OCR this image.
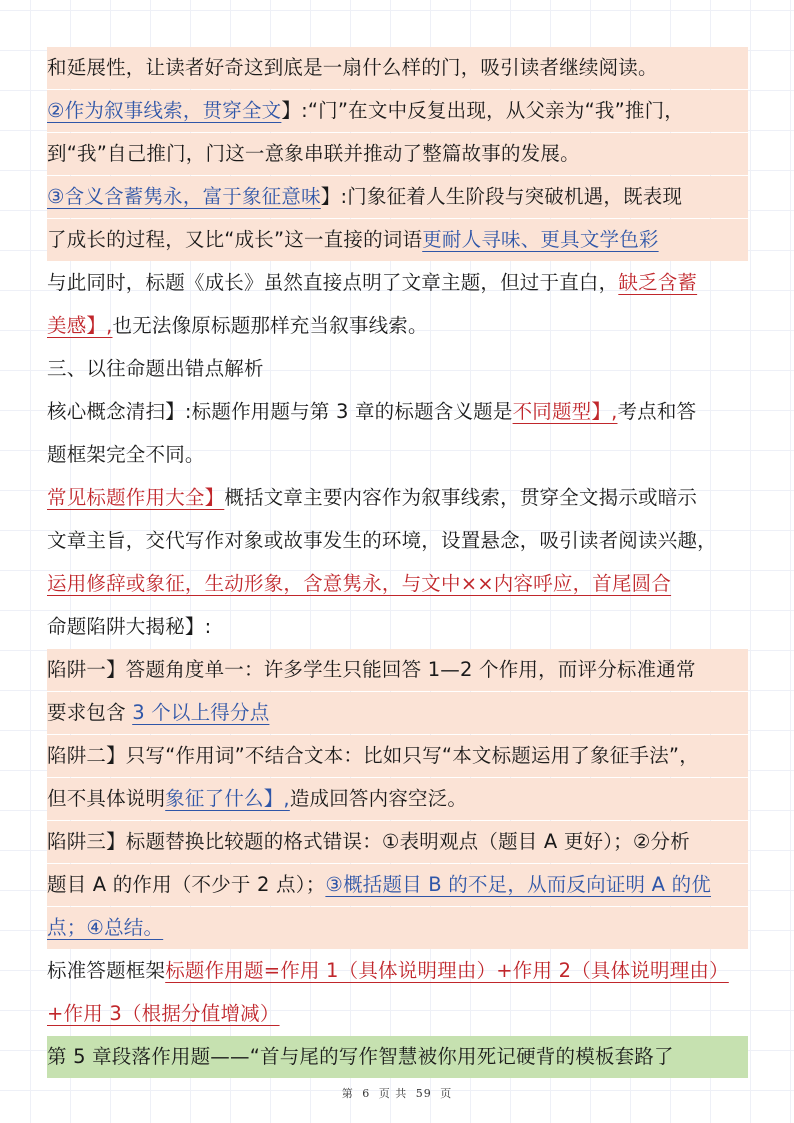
和延展性，让读者好奇这到底是一扇什么样的门，吸引读者继续阅读。
②作为叙事线索，贯穿全文】:“门”在文中反复出现，从父亲为“我”推门，
到“我”自己推门，门这一意象串联并推动了整篇故事的发展。
③含义含蓄隽永，富于象征意味】:门象征着人生阶段与突破机遇，既表现
了成长的过程，又比“成长”这一直接的词语更耐人寻味、更具文学色彩
与此同时，标题《成长》虽然直接点明了文章主题，但过于直白，缺乏含蓄
美感】,也无法像原标题那样充当叙事线索。
三、以往命题出错点解析
核心概念清扫】:标题作用题与第 3 章的标题含义题是不同题型】,考点和答
题框架完全不同。
常见标题作用大全】概括文章主要内容作为叙事线索，贯穿全文揭示或暗示
文章主旨，交代写作对象或故事发生的环境，设置悬念，吸引读者阅读兴趣，
运用修辞或象征，生动形象，含意隽永，与文中××内容呼应，首尾圆合
命题陷阱大揭秘】:
陷阱一】答题角度单一：许多学生只能回答 1—2 个作用，而评分标准通常
要求包含 3 个以上得分点
陷阱二】只写“作用词”不结合文本：比如只写“本文标题运用了象征手法”，
但不具体说明象征了什么】,造成回答内容空泛。
陷阱三】标题替换比较题的格式错误：①表明观点（题目 A 更好）；②分析
题目 A 的作用（不少于 2 点）；③概括题目 B 的不足，从而反向证明 A 的优
点；④总结。
标准答题框架标题作用题=作用 1（具体说明理由）+作用 2（具体说明理由）
+作用 3（根据分值增减）
第 5 章段落作用题——“首与尾的写作智慧被你用死记硬背的模板套路了
第 6 页 共 59 页
